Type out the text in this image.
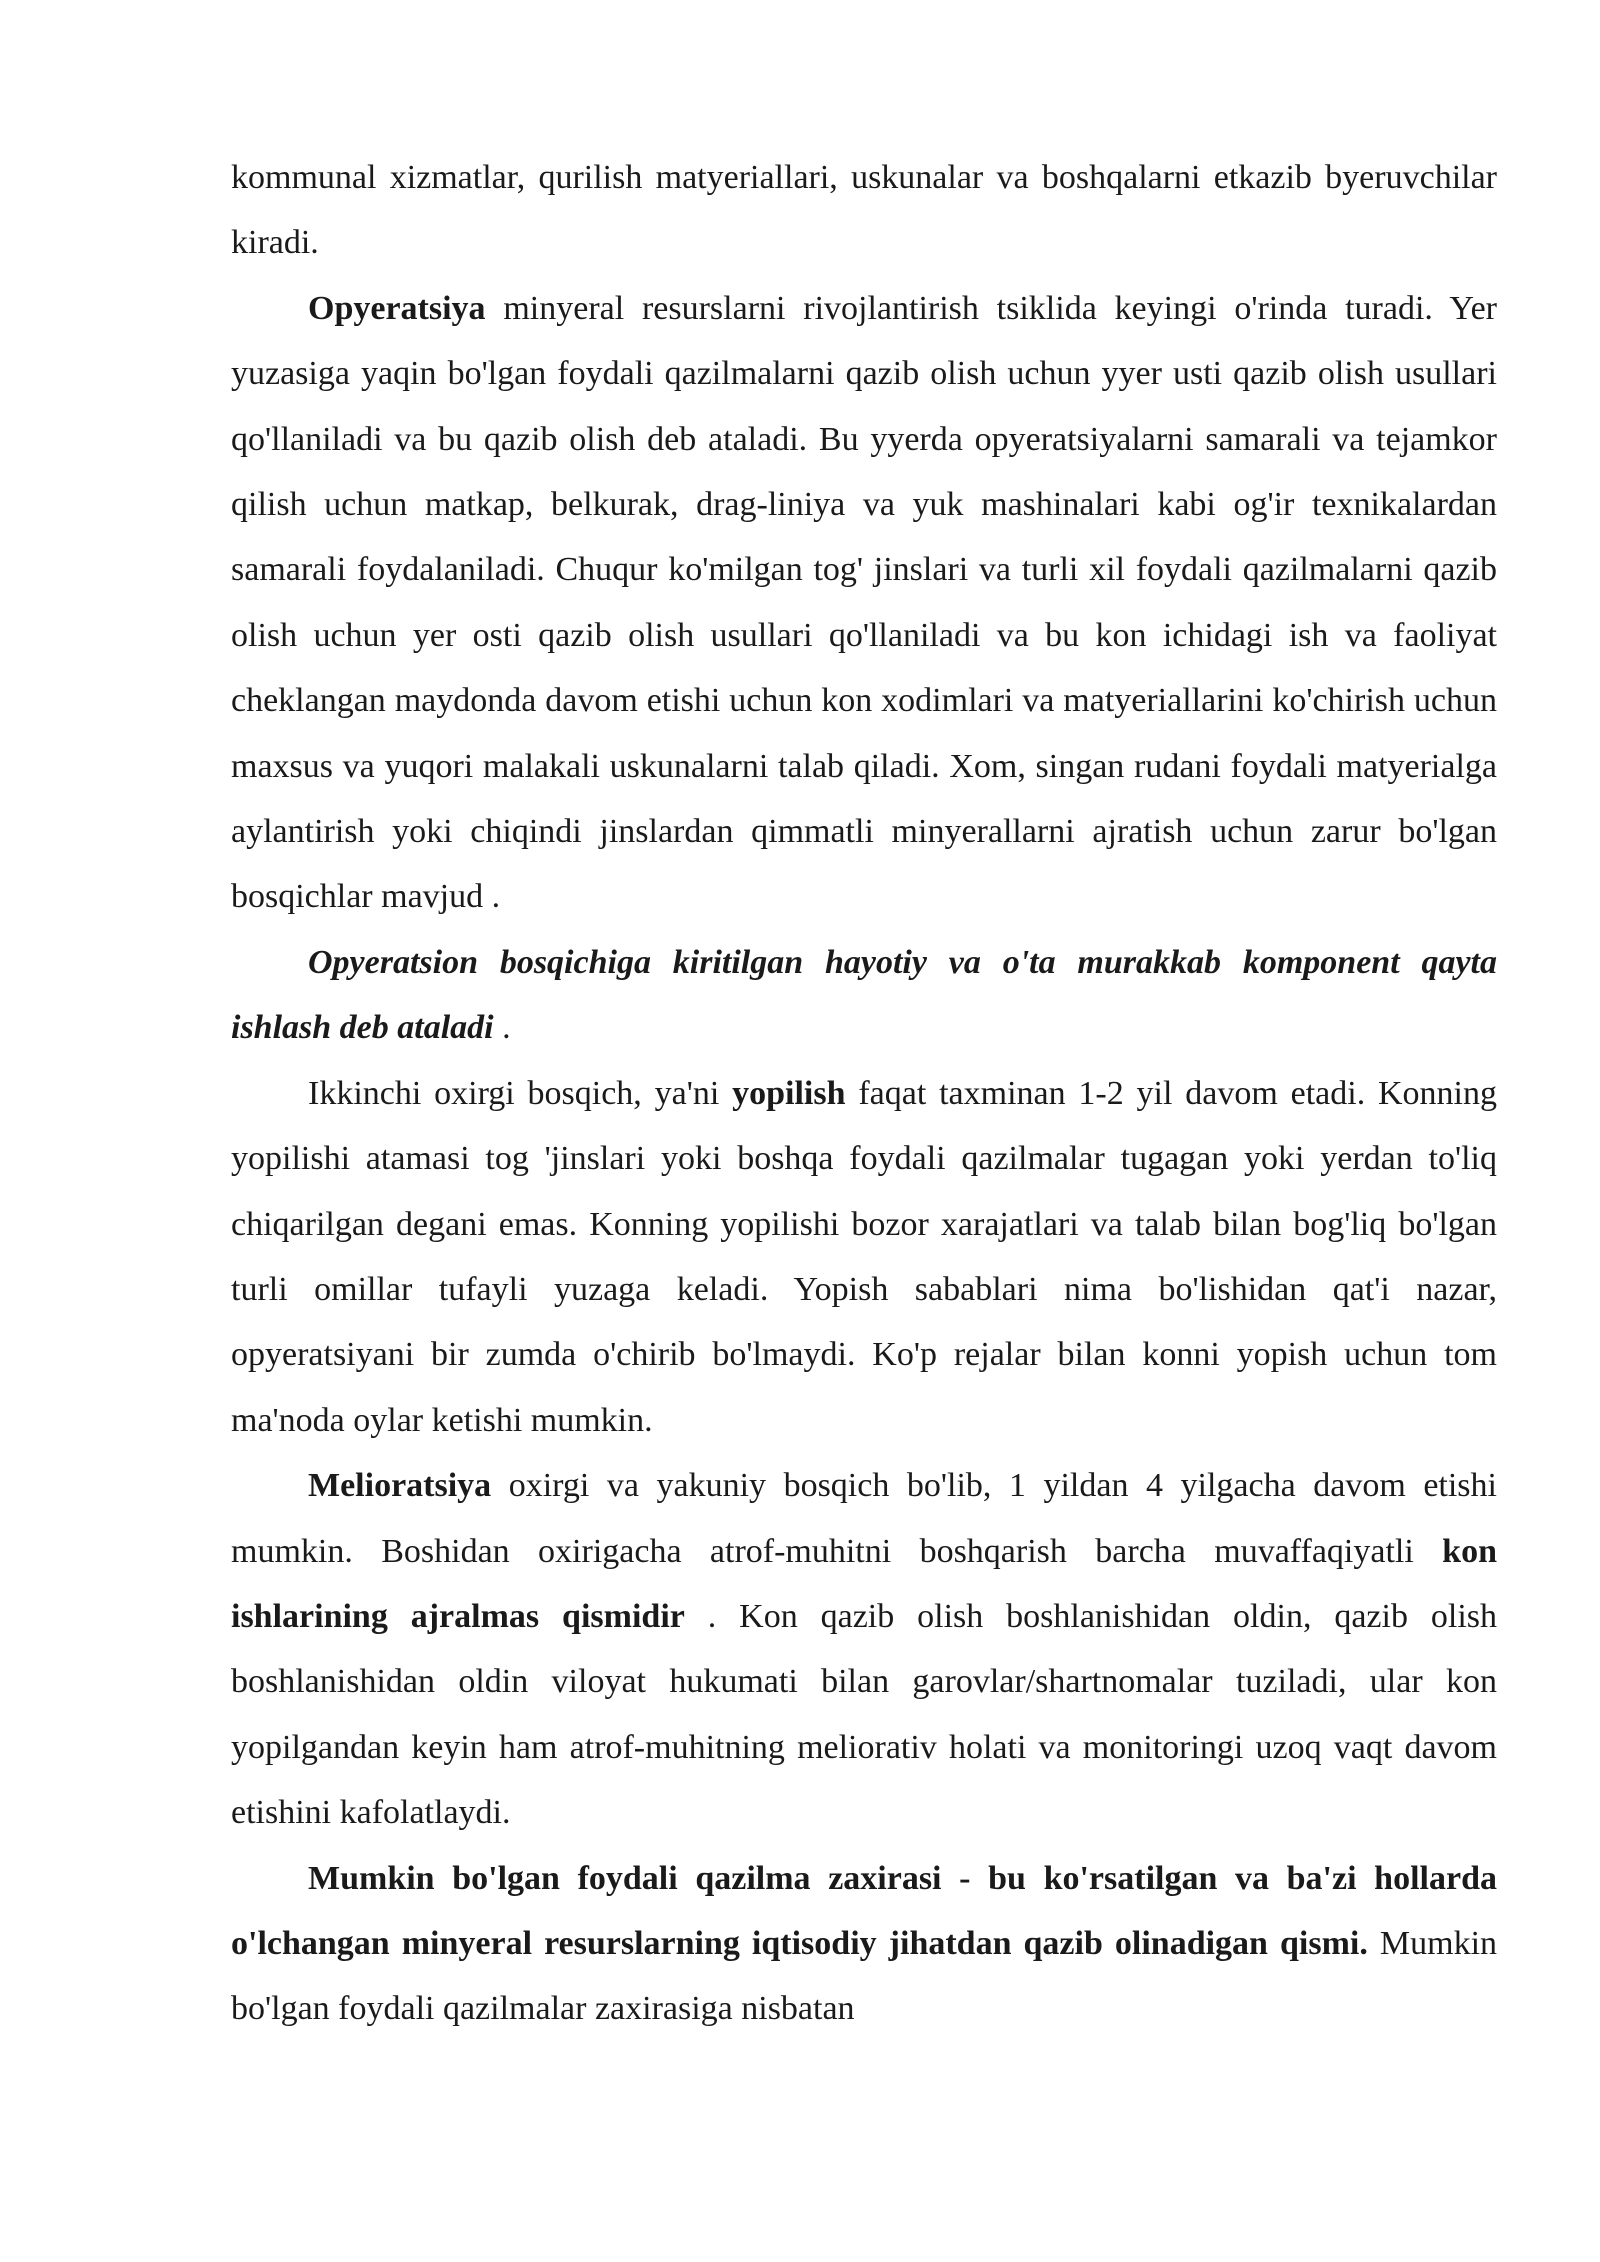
kommunal xizmatlar, qurilish matyeriallari, uskunalar va boshqalarni etkazib byeruvchilar kiradi.

Opyeratsiya minyeral resurslarni rivojlantirish tsiklida keyingi o'rinda turadi. Yer yuzasiga yaqin bo'lgan foydali qazilmalarni qazib olish uchun yyer usti qazib olish usullari qo'llaniladi va bu qazib olish deb ataladi. Bu yyerda opyeratsiyalarni samarali va tejamkor qilish uchun matkap, belkurak, drag-liniya va yuk mashinalari kabi og'ir texnikalardan samarali foydalaniladi. Chuqur ko'milgan tog' jinslari va turli xil foydali qazilmalarni qazib olish uchun yer osti qazib olish usullari qo'llaniladi va bu kon ichidagi ish va faoliyat cheklangan maydonda davom etishi uchun kon xodimlari va matyeriallarini ko'chirish uchun maxsus va yuqori malakali uskunalarni talab qiladi. Xom, singan rudani foydali matyerialga aylantirish yoki chiqindi jinslardan qimmatli minyerallarni ajratish uchun zarur bo'lgan bosqichlar mavjud .

Opyeratsion bosqichiga kiritilgan hayotiy va o'ta murakkab komponent qayta ishlash deb ataladi .

Ikkinchi oxirgi bosqich, ya'ni yopilish faqat taxminan 1-2 yil davom etadi. Konning yopilishi atamasi tog 'jinslari yoki boshqa foydali qazilmalar tugagan yoki yerdan to'liq chiqarilgan degani emas. Konning yopilishi bozor xarajatlari va talab bilan bog'liq bo'lgan turli omillar tufayli yuzaga keladi. Yopish sabablari nima bo'lishidan qat'i nazar, opyeratsiyani bir zumda o'chirib bo'lmaydi. Ko'p rejalar bilan konni yopish uchun tom ma'noda oylar ketishi mumkin.

Melioratsiya oxirgi va yakuniy bosqich bo'lib, 1 yildan 4 yilgacha davom etishi mumkin. Boshidan oxirigacha atrof-muhitni boshqarish barcha muvaffaqiyatli kon ishlarining ajralmas qismidir . Kon qazib olish boshlanishidan oldin, qazib olish boshlanishidan oldin viloyat hukumati bilan garovlar/shartnomalar tuziladi, ular kon yopilgandan keyin ham atrof-muhitning meliorativ holati va monitoringi uzoq vaqt davom etishini kafolatlaydi.

Mumkin bo'lgan foydali qazilma zaxirasi - bu ko'rsatilgan va ba'zi hollarda o'lchangan minyeral resurslarning iqtisodiy jihatdan qazib olinadigan qismi. Mumkin bo'lgan foydali qazilmalar zaxirasiga nisbatan
